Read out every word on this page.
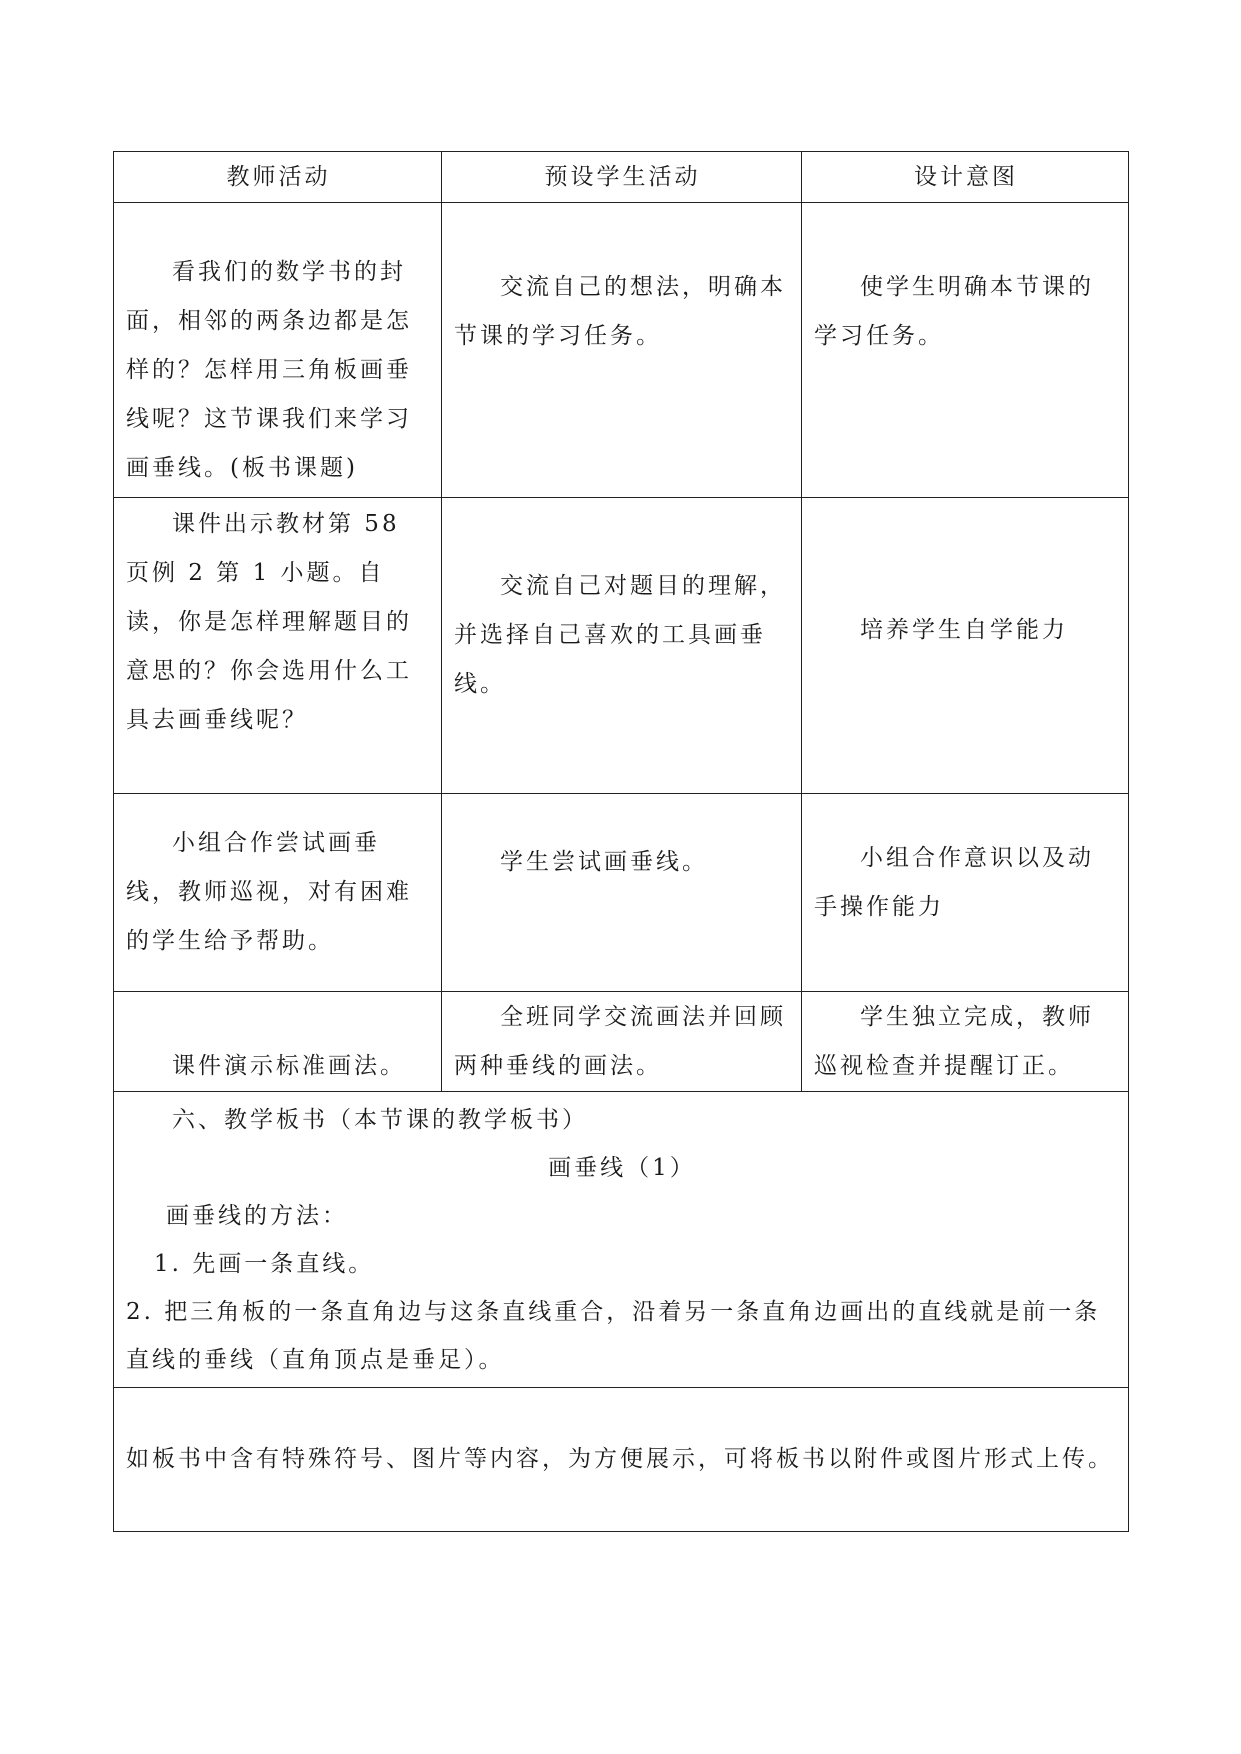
教师活动	预设学生活动	设计意图
看我们的数学书的封面，相邻的两条边都是怎样的？怎样用三角板画垂线呢？这节课我们来学习画垂线。(板书课题)	交流自己的想法，明确本节课的学习任务。	使学生明确本节课的学习任务。
课件出示教材第 58 页例 2 第 1 小题。自读，你是怎样理解题目的意思的？你会选用什么工具去画垂线呢？	交流自己对题目的理解，并选择自己喜欢的工具画垂线。	培养学生自学能力
小组合作尝试画垂线，教师巡视，对有困难的学生给予帮助。	学生尝试画垂线。	小组合作意识以及动手操作能力
课件演示标准画法。	全班同学交流画法并回顾两种垂线的画法。	学生独立完成，教师巡视检查并提醒订正。

六、教学板书（本节课的教学板书）

画垂线（1）

画垂线的方法：

1. 先画一条直线。

2. 把三角板的一条直角边与这条直线重合，沿着另一条直角边画出的直线就是前一条直线的垂线（直角顶点是垂足）。		

如板书中含有特殊符号、图片等内容，为方便展示，可将板书以附件或图片形式上传。		
